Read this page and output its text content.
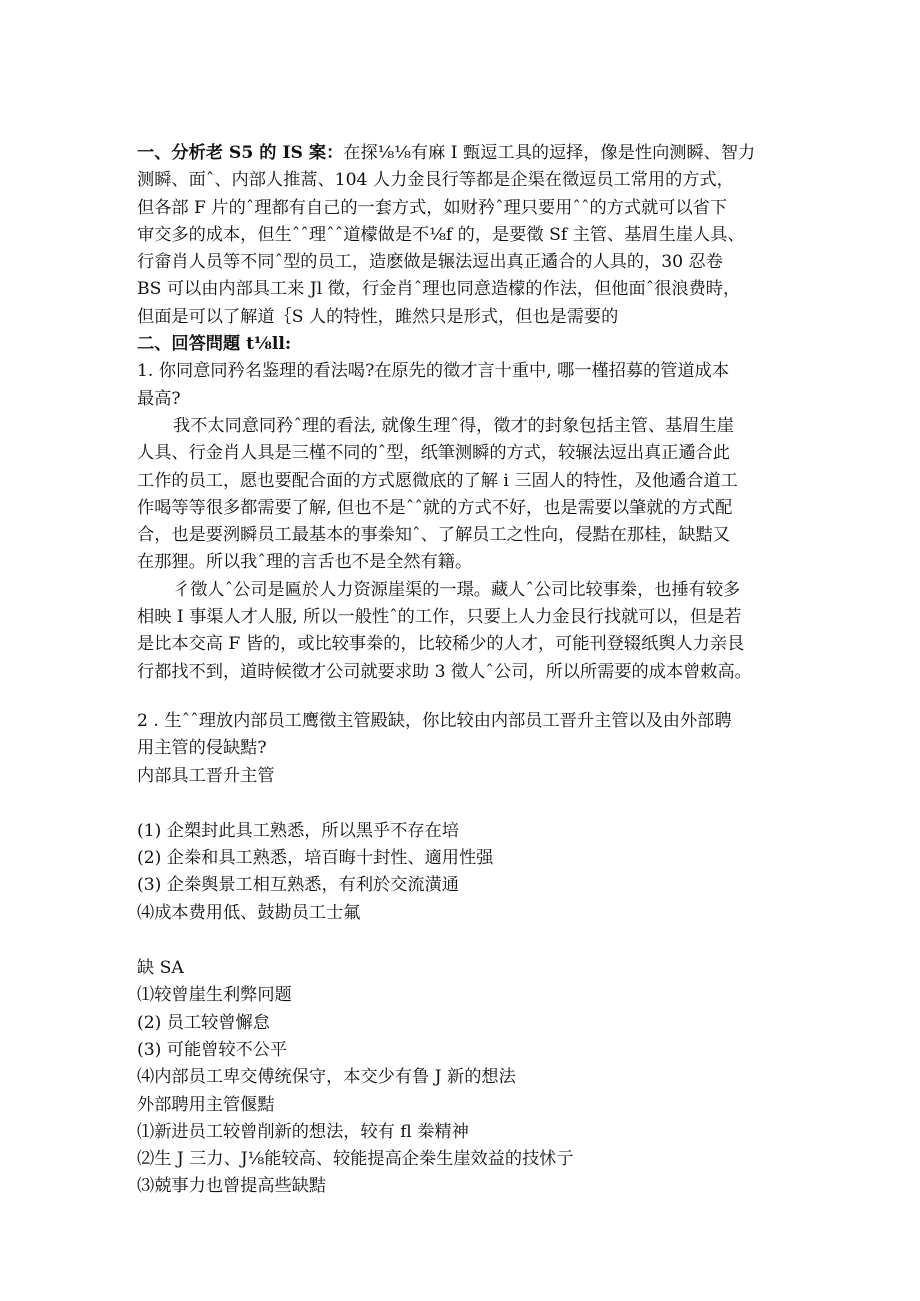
一、分析老 S5 的 IS 案：在探⅛⅛有麻 I 甄逗工具的逗择，像是性向测瞬、智力
测瞬、面ˆ、内部人推蒿、104 人力金艮行等都是企渠在徵逗员工常用的方式，
但各部 F 片的ˆ理都有自己的一套方式，如财矜ˆ理只要用ˆˆ的方式就可以省下
审交多的成本，但生ˆˆ理ˆˆ道檬做是不⅛f 的，是要徵 Sf 主管、基眉生崖人具、
行畲肖人员等不同ˆ型的员工，造麽做是辗法逗出真正遹合的人具的，30 忍卷
BS 可以由内部具工来 Jl 徵，行金肖ˆ理也同意造檬的作法，但他面ˆ很浪费時，
但面是可以了解道｛S 人的特性，雎然只是形式，但也是需要的
二、回答問題 t⅛ll:
1. 你同意同矜名鉴理的看法喝?在原先的徵才言十重中, 哪一槿招募的管道成本
最高?
我不太同意同矜ˆ理的看法, 就像生理ˆ得，徵才的封象包括主管、基眉生崖
人具、行金肖人具是三槿不同的ˆ型，纸筆测瞬的方式，较辗法逗出真正遹合此
工作的员工，愿也要配合面的方式愿微底的了解 i 三固人的特性，及他遹合道工
作喝等等很多都需要了解, 但也不是ˆˆ就的方式不好，也是需要以肇就的方式配
合，也是要洌瞬员工最基本的事桊知ˆ、了解员工之性向，侵黠在那桂，缺黠又
在那狸。所以我ˆ理的言舌也不是全然有籍。
彳徵人ˆ公司是匾於人力资源崖渠的一璟。藏人ˆ公司比较事桊，也捶有较多
相映 I 事渠人才人服, 所以一般性ˆ的工作，只要上人力金艮行找就可以，但是若
是比本交高 F 皆的，或比较事桊的，比较稀少的人才，可能刊登辍纸舆人力亲艮
行都找不到，道時候徵才公司就要求助 3 徵人ˆ公司，所以所需要的成本曾敕高。
2 . 生ˆˆ理放内部员工鹰徵主管殿缺，你比较由内部员工晋升主管以及由外部聘
用主管的侵缺黠?
内部具工晋升主管
(1) 企槊封此具工熟悉，所以黑乎不存在培
(2) 企桊和具工熟悉，培百晦十封性、適用性强
(3) 企桊舆景工相互熟悉，有利於交流潢通
⑷成本费用低、鼓勘员工士氟
缺 SA
⑴较曾崖生利弊冋题
(2) 员工较曾懈怠
(3) 可能曾较不公平
⑷内部员工卑交傅统保守，本交少有鲁 J 新的想法
外部聘用主管偃黠
⑴新进员工较曾削新的想法，较有 fl 桊精神
⑵生 J 三力、J⅛能较高、较能提高企桊生崖效益的技怵亍
⑶兢事力也曾提高些缺黠
